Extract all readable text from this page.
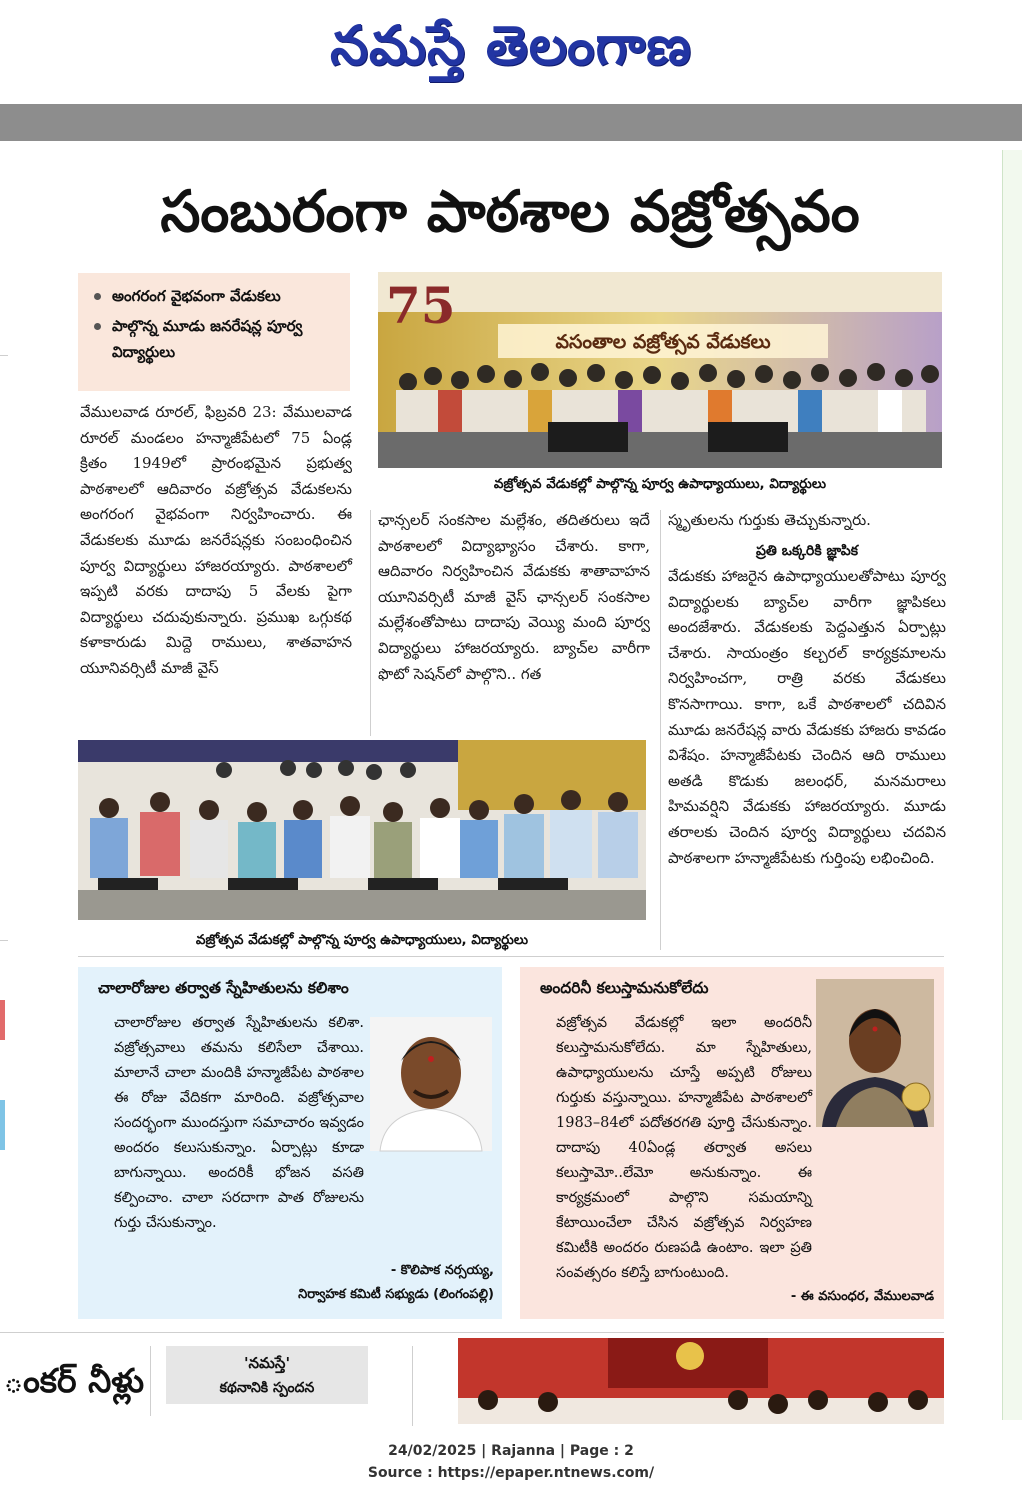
నమస్తే తెలంగాణ
సంబురంగా పాఠశాల వజ్రోత్సవం
అంగరంగ వైభవంగా వేడుకలు
పాల్గొన్న మూడు జనరేషన్ల పూర్వ విద్యార్థులు
75
వసంతాల వజ్రోత్సవ వేడుకలు
వజ్రోత్సవ వేడుకల్లో పాల్గొన్న పూర్వ ఉపాధ్యాయులు, విద్యార్థులు
వేములవాడ రూరల్, ఫిబ్రవరి 23: వేములవాడ రూరల్ మండలం హన్మాజీపేటలో 75 ఏండ్ల క్రితం 1949లో ప్రారంభమైన ప్రభుత్వ పాఠశాలలో ఆదివారం వజ్రోత్సవ వేడుకలను అంగరంగ వైభవంగా నిర్వహించారు. ఈ వేడుకలకు మూడు జనరేషన్లకు సంబంధించిన పూర్వ విద్యార్థులు హాజరయ్యారు. పాఠశాలలో ఇప్పటి వరకు దాదాపు 5 వేలకు పైగా విద్యార్థులు చదువుకున్నారు. ప్రముఖ ఒగ్గుకథ కళాకారుడు మిద్దె రాములు, శాతవాహన యూనివర్సిటీ మాజీ వైస్
ఛాన్సలర్ సంకసాల మల్లేశం, తదితరులు ఇదే పాఠశాలలో విద్యాభ్యాసం చేశారు. కాగా, ఆదివారం నిర్వహించిన వేడుకకు శాతావాహన యూనివర్సిటీ మాజీ వైస్ ఛాన్సలర్ సంకసాల మల్లేశంతోపాటు దాదాపు వెయ్యి మంది పూర్వ విద్యార్థులు హాజరయ్యారు. బ్యాచ్‌ల వారీగా ఫొటో సెషన్‌లో పాల్గొని.. గత
స్మృతులను గుర్తుకు తెచ్చుకున్నారు.
ప్రతి ఒక్కరికి జ్ఞాపిక
వేడుకకు హాజరైన ఉపాధ్యాయులతోపాటు పూర్వ విద్యార్థులకు బ్యాచ్‌ల వారీగా జ్ఞాపికలు అందజేశారు. వేడుకలకు పెద్దఎత్తున ఏర్పాట్లు చేశారు. సాయంత్రం కల్చరల్ కార్యక్రమాలను నిర్వహించగా, రాత్రి వరకు వేడుకలు కొనసాగాయి. కాగా, ఒకే పాఠశాలలో చదివిన మూడు జనరేషన్ల వారు వేడుకకు హాజరు కావడం విశేషం. హన్మాజీపేటకు చెందిన ఆది రాములు అతడి కొడుకు జలంధర్, మనమరాలు హిమవర్షిని వేడుకకు హాజరయ్యారు. మూడు తరాలకు చెందిన పూర్వ విద్యార్థులు చదవిన పాఠశాలగా హన్మాజీపేటకు గుర్తింపు లభించింది.
వజ్రోత్సవ వేడుకల్లో పాల్గొన్న పూర్వ ఉపాధ్యాయులు, విద్యార్థులు
చాలారోజుల తర్వాత స్నేహితులను కలిశాం
చాలారోజుల తర్వాత స్నేహితులను కలిశా. వజ్రోత్సవాలు తమను కలిసేలా చేశాయి. మాలానే చాలా మందికి హన్మాజీపేట పాఠశాల ఈ రోజు వేదికగా మారింది. వజ్రోత్సవాల సందర్భంగా ముందస్తుగా సమాచారం ఇవ్వడం అందరం కలుసుకున్నాం. ఏర్పాట్లు కూడా బాగున్నాయి. అందరికీ భోజన వసతి కల్పించాం. చాలా సరదాగా పాత రోజులను గుర్తు చేసుకున్నాం.
- కొలిపాక నర్సయ్య,
నిర్వాహక కమిటీ సభ్యుడు (లింగంపల్లి)
అందరినీ కలుస్తామనుకోలేదు
వజ్రోత్సవ వేడుకల్లో ఇలా అందరినీ కలుస్తామనుకోలేదు. మా స్నేహితులు, ఉపాధ్యాయులను చూస్తే అప్పటి రోజులు గుర్తుకు వస్తున్నాయి. హన్మాజీపేట పాఠశాలలో 1983–84లో పదోతరగతి పూర్తి చేసుకున్నాం. దాదాపు 40ఏండ్ల తర్వాత అసలు కలుస్తామో..లేమో అనుకున్నాం. ఈ కార్యక్రమంలో పాల్గొని సమయాన్ని కేటాయించేలా చేసిన వజ్రోత్సవ నిర్వహణ కమిటీకి అందరం రుణపడి ఉంటాం. ఇలా ప్రతి సంవత్సరం కలిస్తే బాగుంటుంది.
- ఈ వసుంధర, వేములవాడ
ంకర్ నీళ్లు	'నమస్తే'
కథనానికి స్పందన
24/02/2025 | Rajanna | Page : 2
Source : https://epaper.ntnews.com/
